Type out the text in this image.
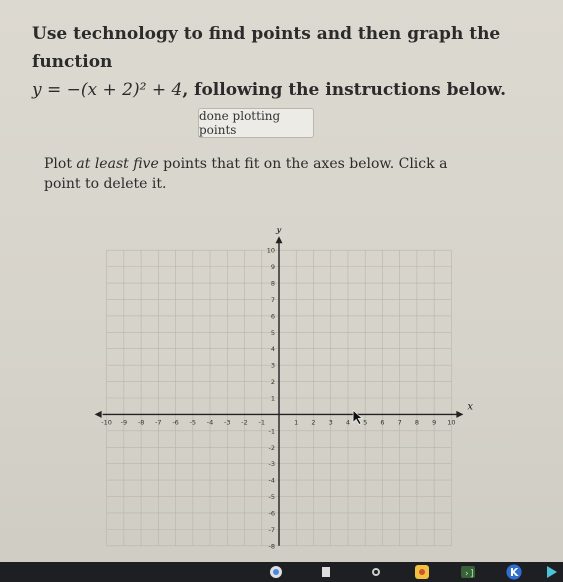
Use technology to find points and then graph the function
y = −(x + 2)² + 4, following the instructions below.
done plotting points
Plot at least five points that fit on the axes below. Click a point to delete it.
x
y
-10 -9 -8 -7 -6 -5 -4 -3 -2 -1	1 2 3 4 5 6 7 8 9 10
10
9
8
7
6
5
4
3
2
1
-1
-2
-3
-4
-5
-6
-7
-8
›]	K
